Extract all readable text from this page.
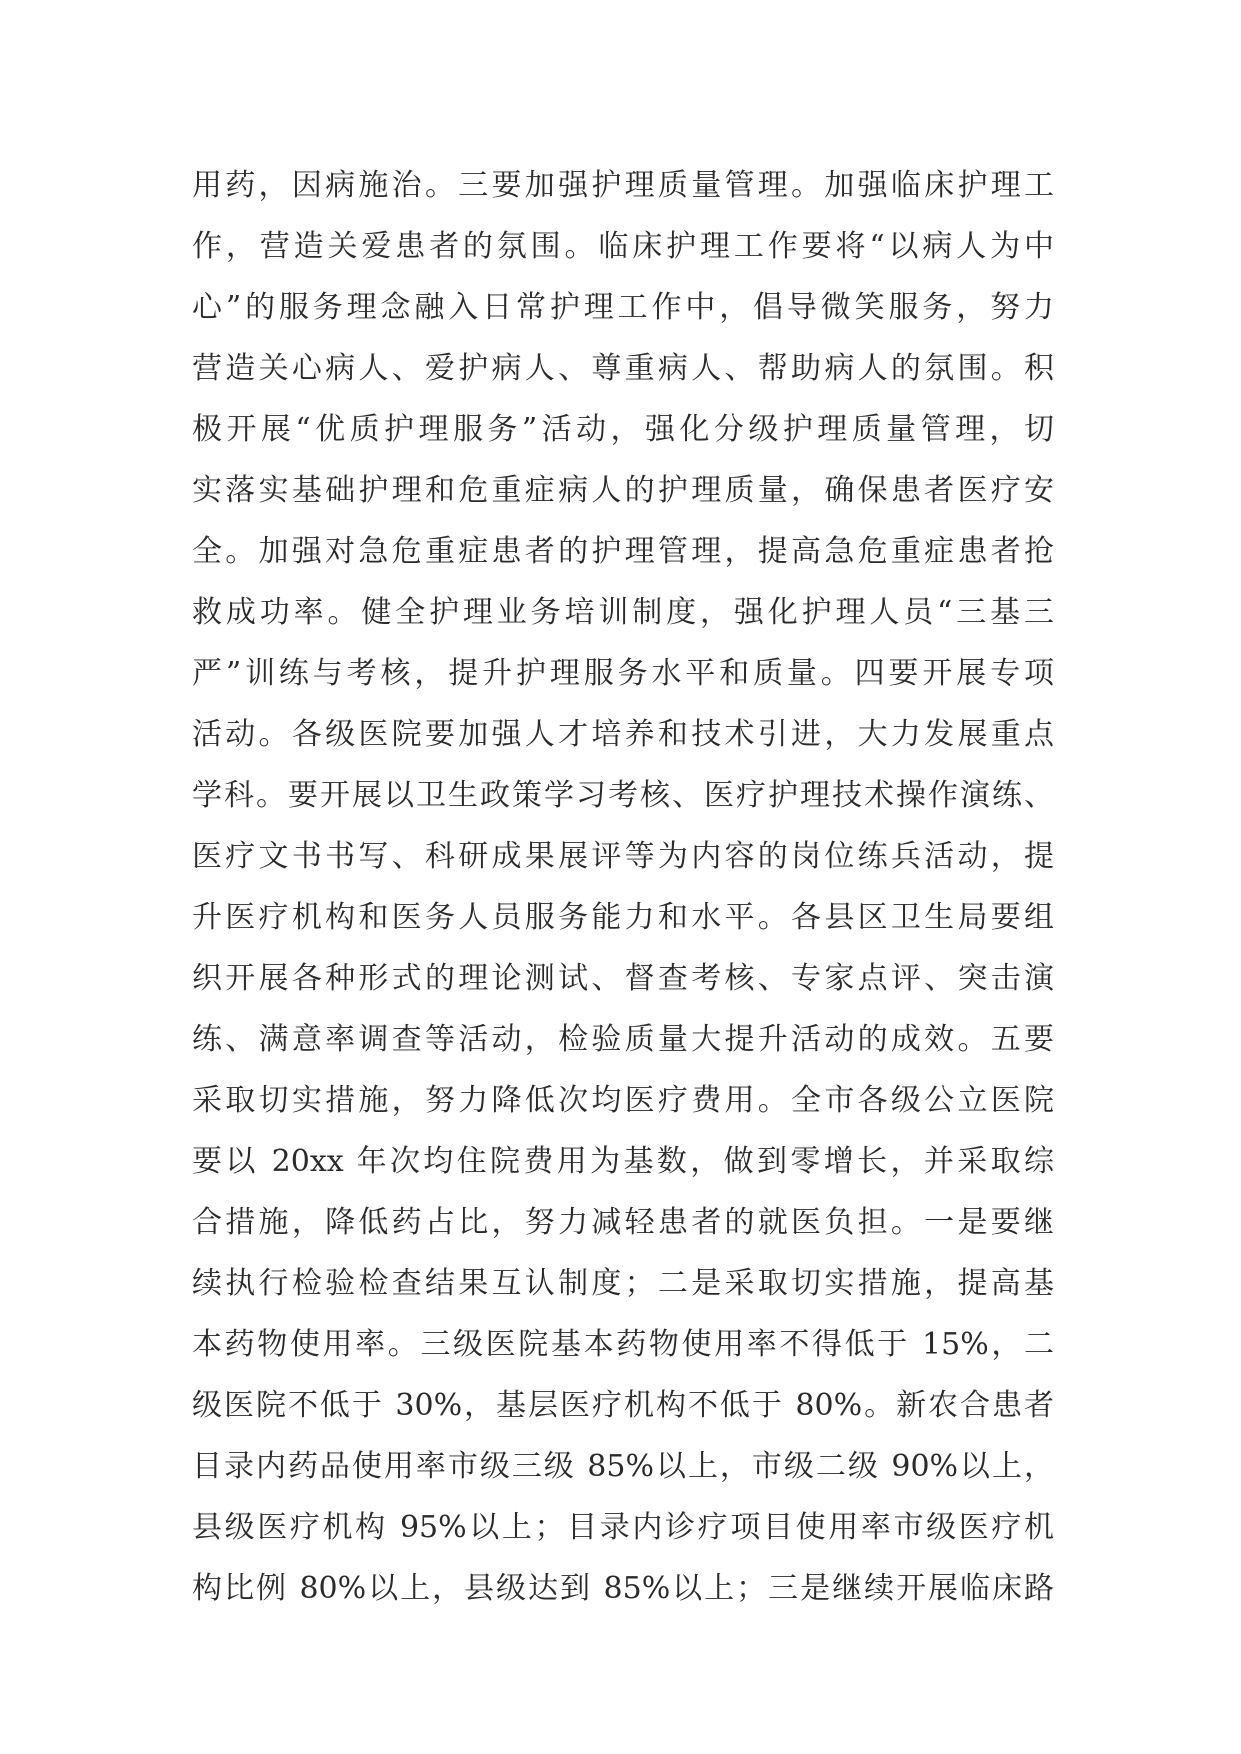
用药，因病施治。三要加强护理质量管理。加强临床护理工
作，营造关爱患者的氛围。临床护理工作要将“以病人为中
心”的服务理念融入日常护理工作中，倡导微笑服务，努力
营造关心病人、爱护病人、尊重病人、帮助病人的氛围。积
极开展“优质护理服务”活动，强化分级护理质量管理，切
实落实基础护理和危重症病人的护理质量，确保患者医疗安
全。加强对急危重症患者的护理管理，提高急危重症患者抢
救成功率。健全护理业务培训制度，强化护理人员“三基三
严”训练与考核，提升护理服务水平和质量。四要开展专项
活动。各级医院要加强人才培养和技术引进，大力发展重点
学科。要开展以卫生政策学习考核、医疗护理技术操作演练、
医疗文书书写、科研成果展评等为内容的岗位练兵活动，提
升医疗机构和医务人员服务能力和水平。各县区卫生局要组
织开展各种形式的理论测试、督查考核、专家点评、突击演
练、满意率调查等活动，检验质量大提升活动的成效。五要
采取切实措施，努力降低次均医疗费用。全市各级公立医院
要以 20xx 年次均住院费用为基数，做到零增长，并采取综
合措施，降低药占比，努力减轻患者的就医负担。一是要继
续执行检验检查结果互认制度；二是采取切实措施，提高基
本药物使用率。三级医院基本药物使用率不得低于 15%，二
级医院不低于 30%，基层医疗机构不低于 80%。新农合患者
目录内药品使用率市级三级 85%以上，市级二级 90%以上，
县级医疗机构 95%以上；目录内诊疗项目使用率市级医疗机
构比例 80%以上，县级达到 85%以上；三是继续开展临床路
